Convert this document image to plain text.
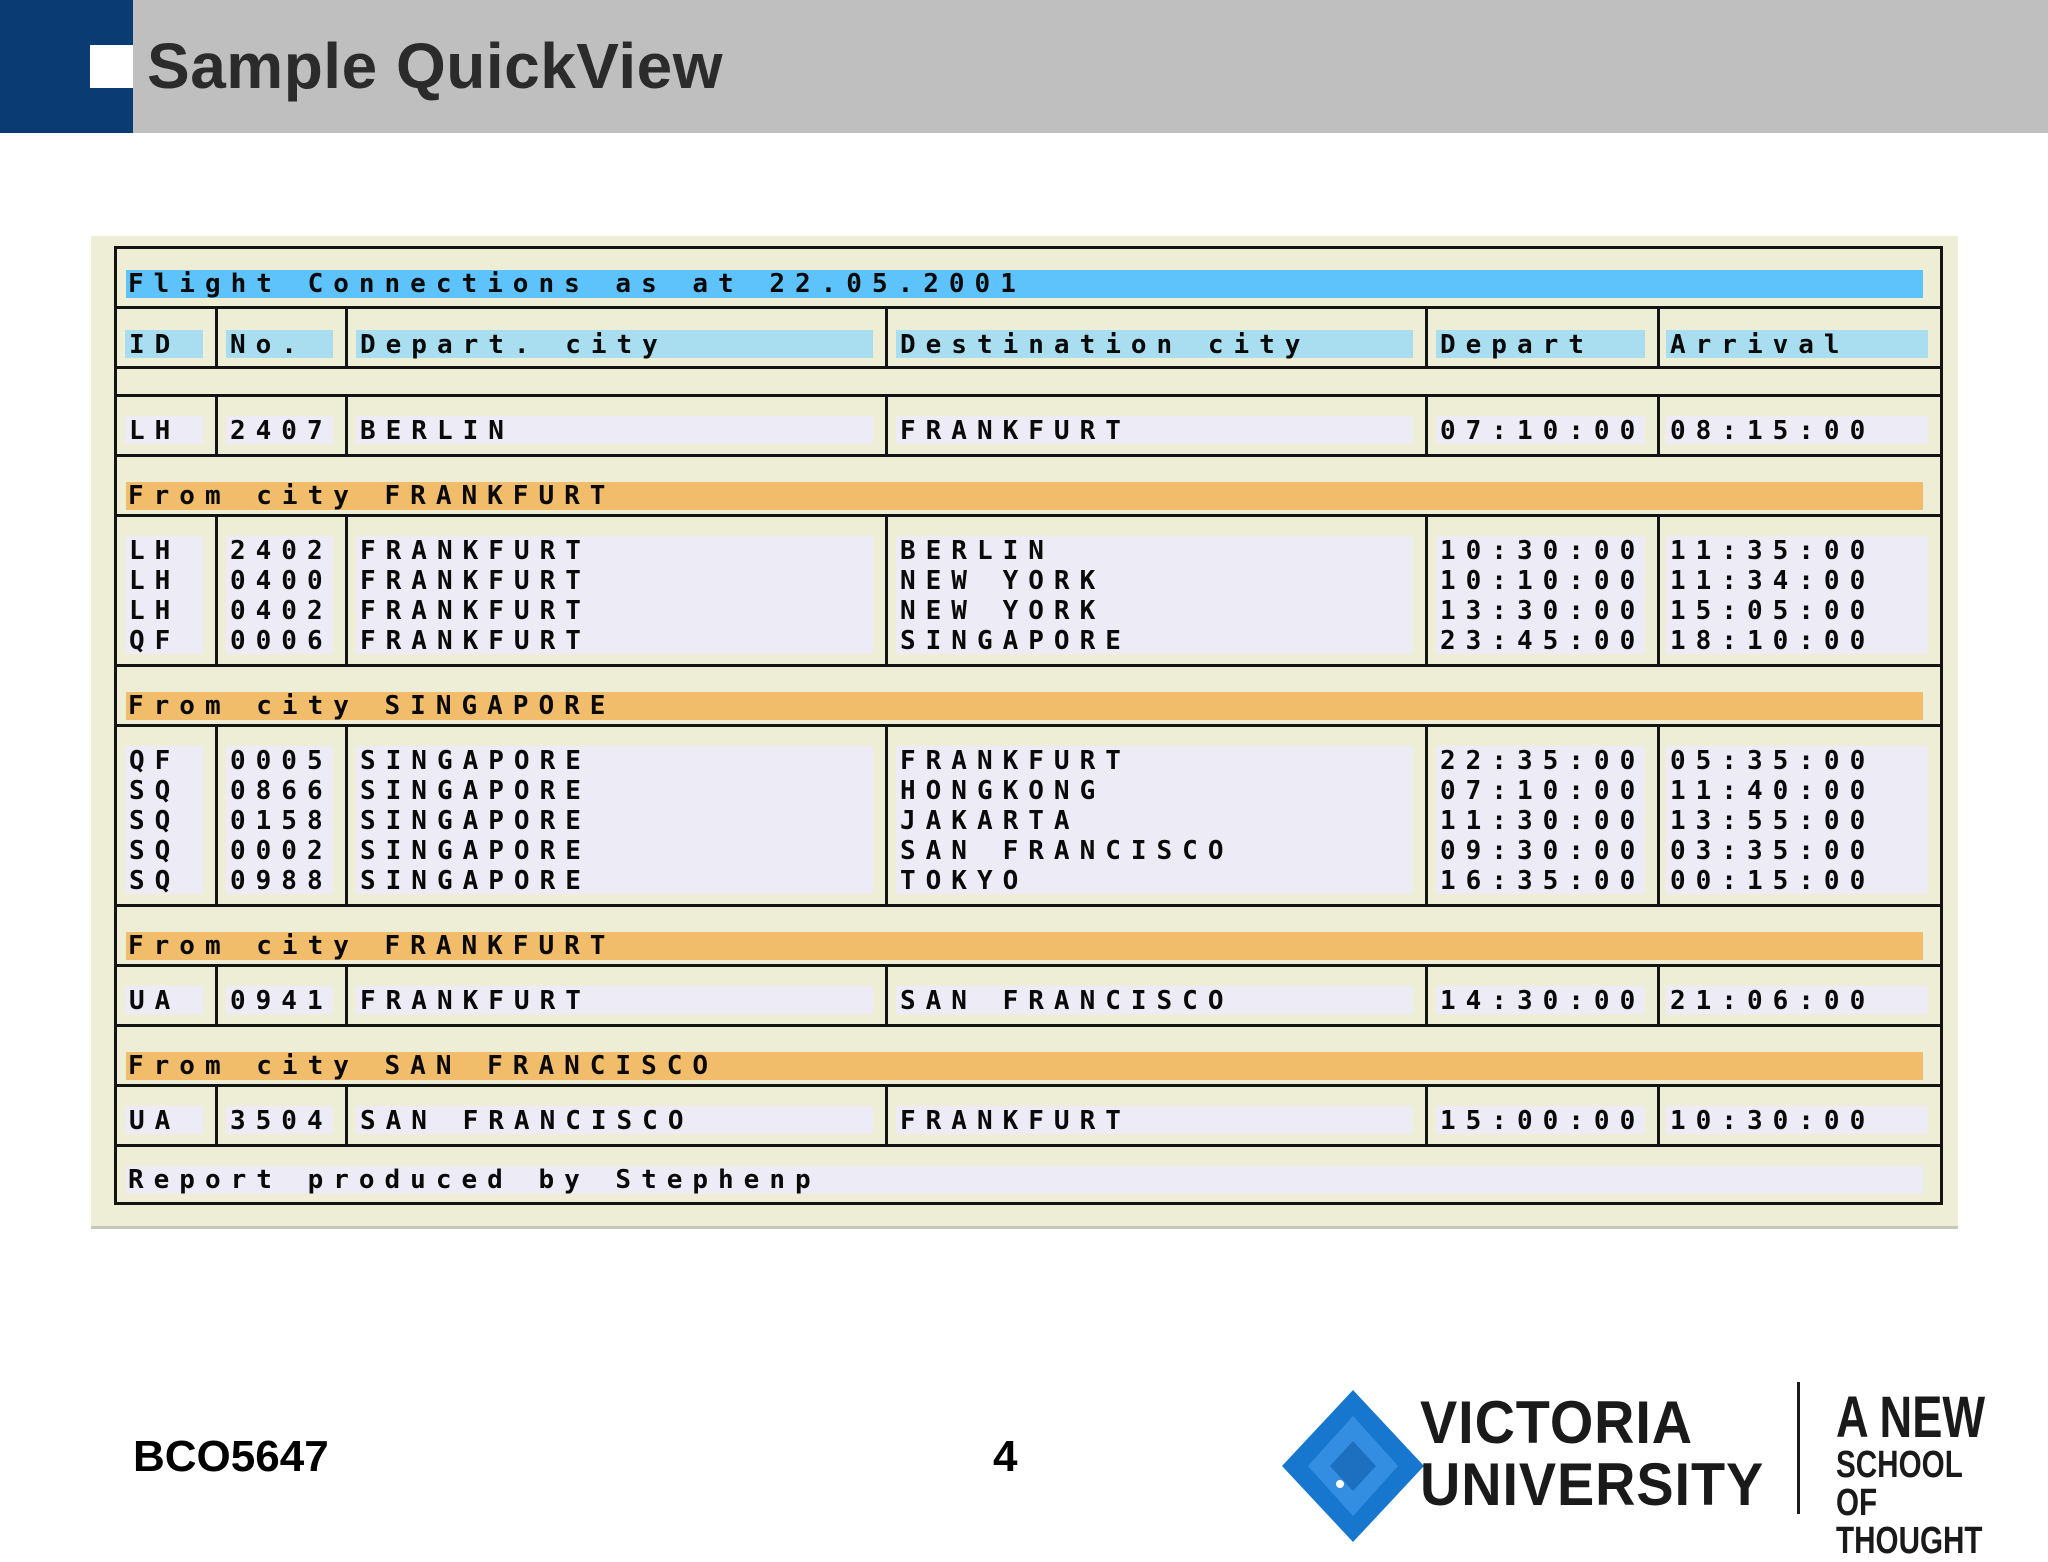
Sample QuickView
Flight Connections as at 22.05.2001
ID No. Depart. city	Destination city	Depart	Arrival
LH 2407 BERLIN	FRANKFURT	07:10:00 08:15:00
From city FRANKFURT
LH 2402 FRANKFURT	BERLIN	10:30:00 11:35:00
LH 0400 FRANKFURT	NEW YORK	10:10:00 11:34:00
LH 0402 FRANKFURT	NEW YORK	13:30:00 15:05:00
QF 0006 FRANKFURT	SINGAPORE	23:45:00 18:10:00
From city SINGAPORE
QF 0005 SINGAPORE	FRANKFURT	22:35:00 05:35:00
SQ 0866 SINGAPORE	HONGKONG	07:10:00 11:40:00
SQ 0158 SINGAPORE	JAKARTA	11:30:00 13:55:00
SQ 0002 SINGAPORE	SAN FRANCISCO	09:30:00 03:35:00
SQ 0988 SINGAPORE	TOKYO	16:35:00 00:15:00
From city FRANKFURT
UA 0941 FRANKFURT	SAN FRANCISCO	14:30:00 21:06:00
From city SAN FRANCISCO
UA 3504 SAN FRANCISCO	FRANKFURT	15:00:00 10:30:00
Report produced by Stephenp
BCO5647	4
VICTORIA
UNIVERSITY
A NEW
SCHOOL OF
THOUGHT
